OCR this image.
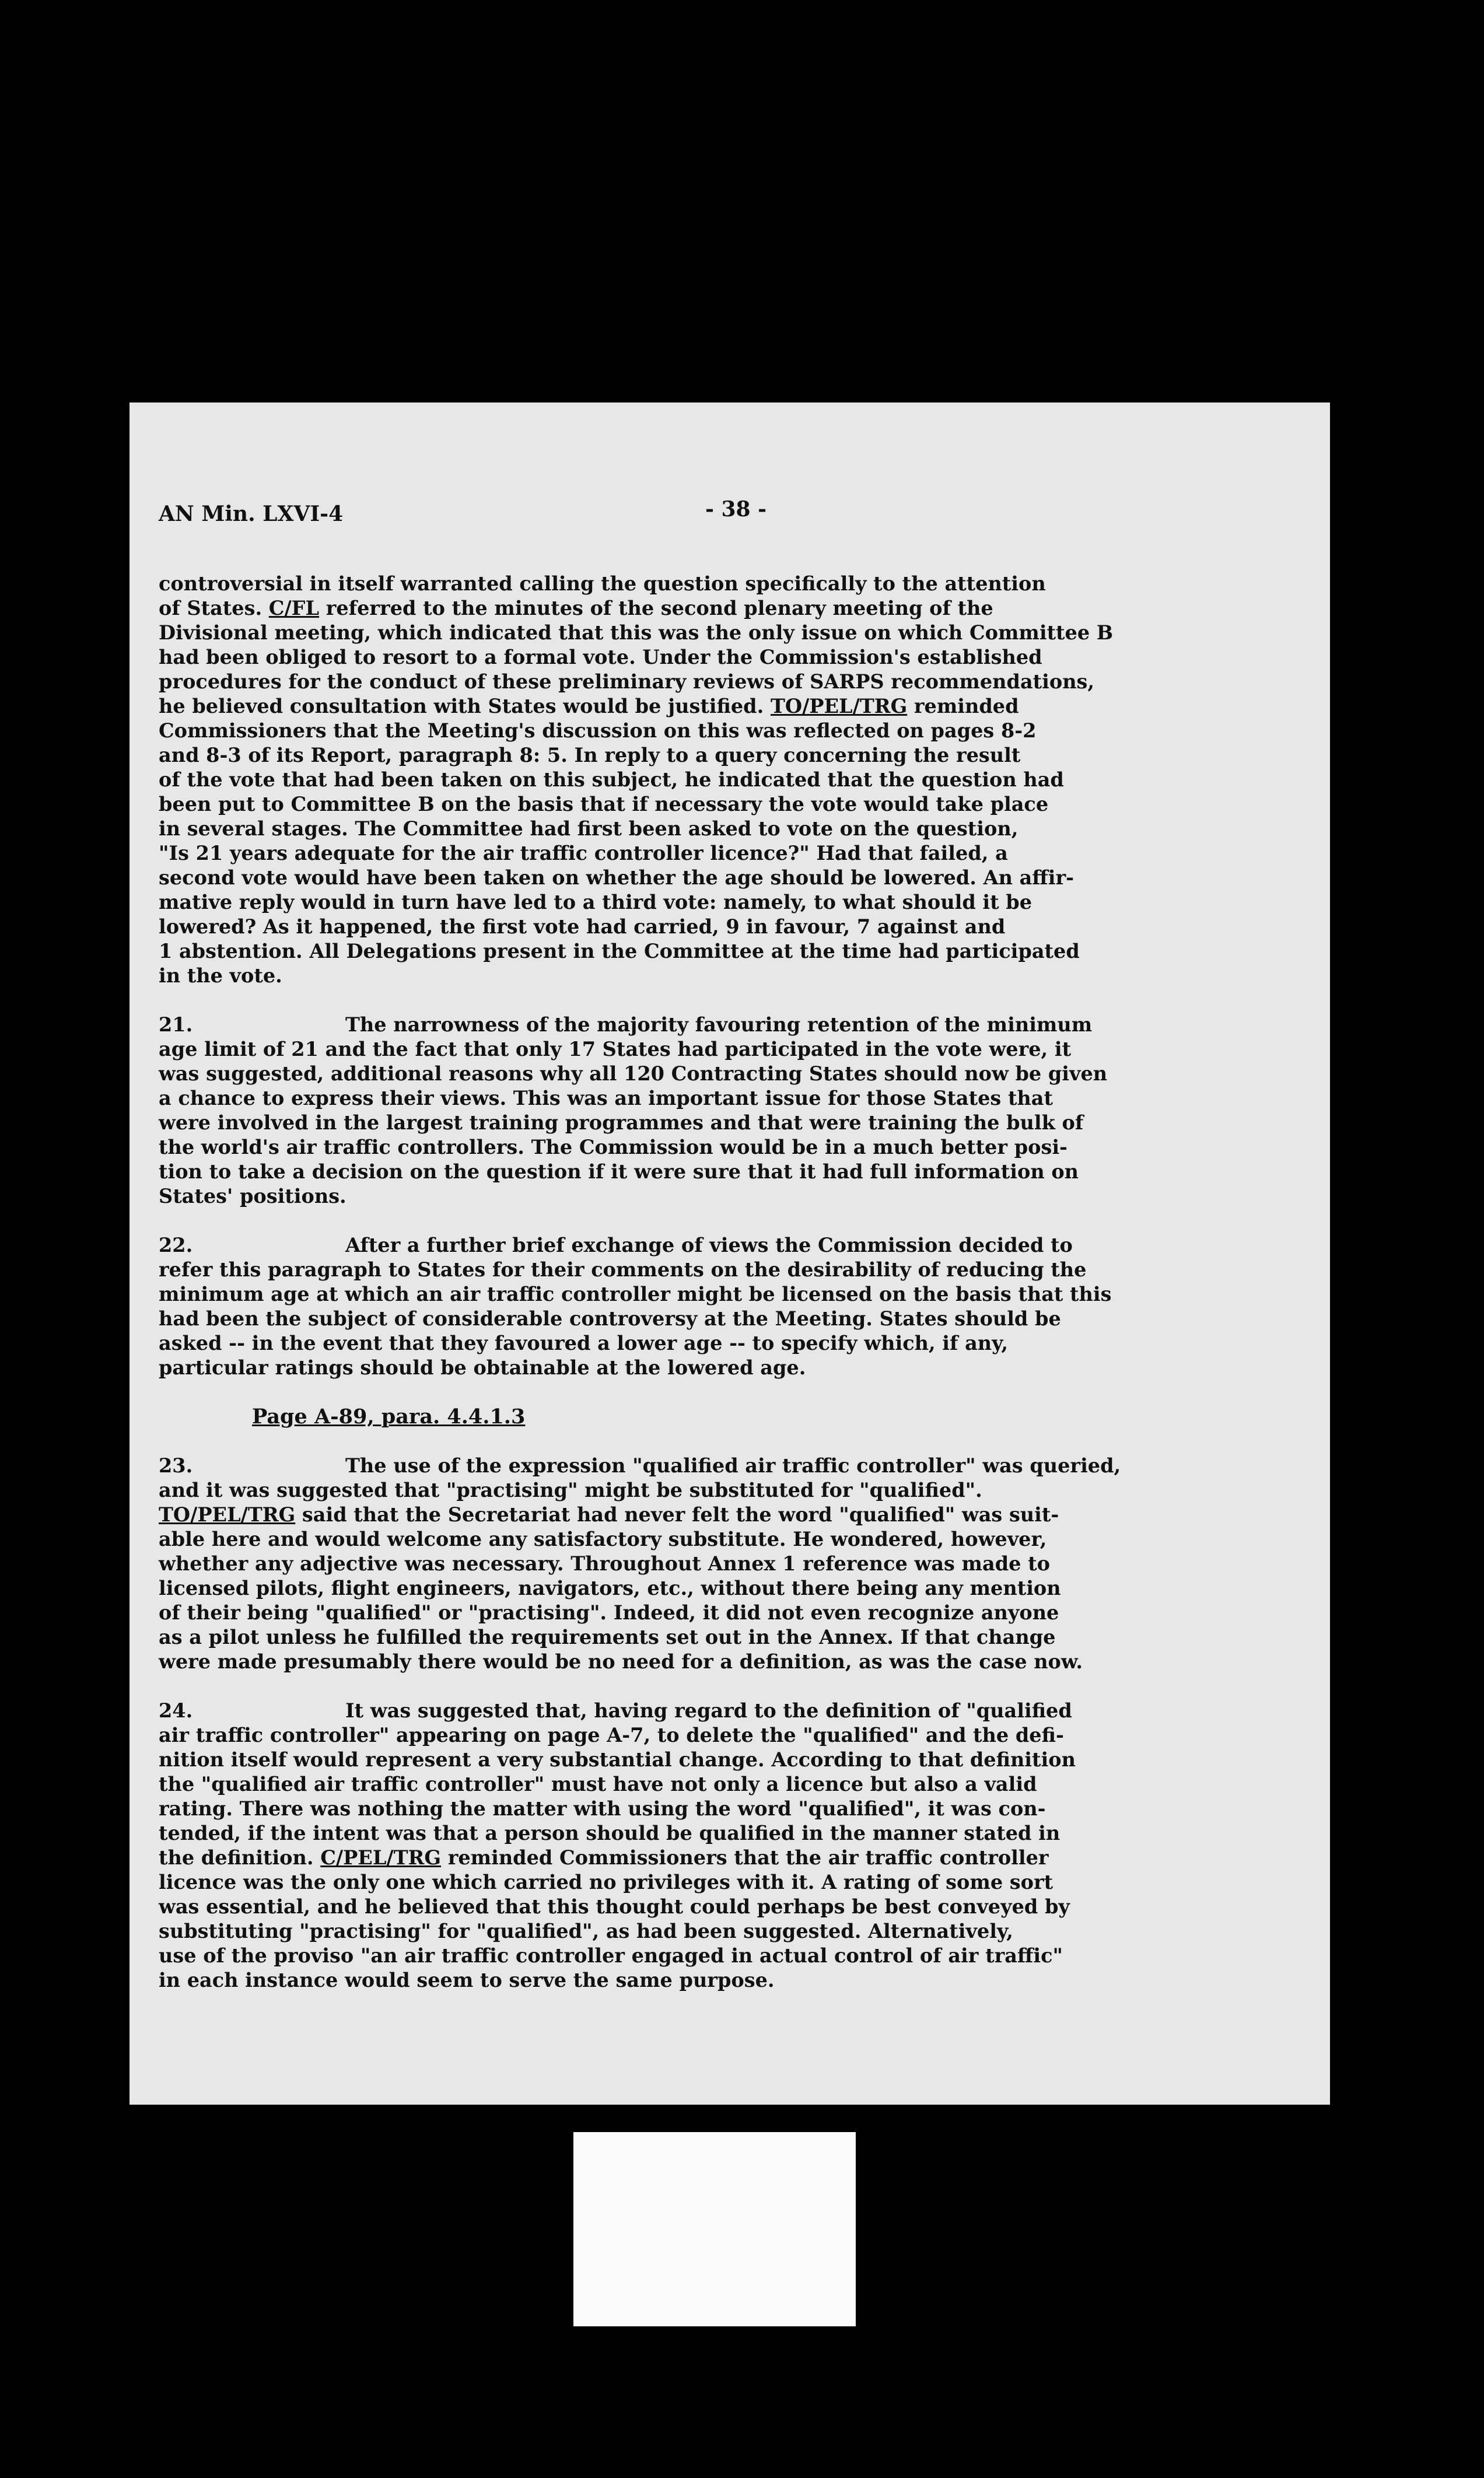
AN Min. LXVI-4	- 38 -
controversial in itself warranted calling the question specifically to the attention
of States. C/FL referred to the minutes of the second plenary meeting of the
Divisional meeting, which indicated that this was the only issue on which Committee B
had been obliged to resort to a formal vote. Under the Commission's established
procedures for the conduct of these preliminary reviews of SARPS recommendations,
he believed consultation with States would be justified. TO/PEL/TRG reminded
Commissioners that the Meeting's discussion on this was reflected on pages 8-2
and 8-3 of its Report, paragraph 8: 5. In reply to a query concerning the result
of the vote that had been taken on this subject, he indicated that the question had
been put to Committee B on the basis that if necessary the vote would take place
in several stages. The Committee had first been asked to vote on the question,
"Is 21 years adequate for the air traffic controller licence?" Had that failed, a
second vote would have been taken on whether the age should be lowered. An affir-
mative reply would in turn have led to a third vote: namely, to what should it be
lowered? As it happened, the first vote had carried, 9 in favour, 7 against and
1 abstention. All Delegations present in the Committee at the time had participated
in the vote.
21.	The narrowness of the majority favouring retention of the minimum
age limit of 21 and the fact that only 17 States had participated in the vote were, it
was suggested, additional reasons why all 120 Contracting States should now be given
a chance to express their views. This was an important issue for those States that
were involved in the largest training programmes and that were training the bulk of
the world's air traffic controllers. The Commission would be in a much better posi-
tion to take a decision on the question if it were sure that it had full information on
States' positions.
22.	After a further brief exchange of views the Commission decided to
refer this paragraph to States for their comments on the desirability of reducing the
minimum age at which an air traffic controller might be licensed on the basis that this
had been the subject of considerable controversy at the Meeting. States should be
asked -- in the event that they favoured a lower age -- to specify which, if any,
particular ratings should be obtainable at the lowered age.
Page A-89, para. 4.4.1.3
23.	The use of the expression "qualified air traffic controller" was queried,
and it was suggested that "practising" might be substituted for "qualified".
TO/PEL/TRG said that the Secretariat had never felt the word "qualified" was suit-
able here and would welcome any satisfactory substitute. He wondered, however,
whether any adjective was necessary. Throughout Annex 1 reference was made to
licensed pilots, flight engineers, navigators, etc., without there being any mention
of their being "qualified" or "practising". Indeed, it did not even recognize anyone
as a pilot unless he fulfilled the requirements set out in the Annex. If that change
were made presumably there would be no need for a definition, as was the case now.
24.	It was suggested that, having regard to the definition of "qualified
air traffic controller" appearing on page A-7, to delete the "qualified" and the defi-
nition itself would represent a very substantial change. According to that definition
the "qualified air traffic controller" must have not only a licence but also a valid
rating. There was nothing the matter with using the word "qualified", it was con-
tended, if the intent was that a person should be qualified in the manner stated in
the definition. C/PEL/TRG reminded Commissioners that the air traffic controller
licence was the only one which carried no privileges with it. A rating of some sort
was essential, and he believed that this thought could perhaps be best conveyed by
substituting "practising" for "qualified", as had been suggested. Alternatively,
use of the proviso "an air traffic controller engaged in actual control of air traffic"
in each instance would seem to serve the same purpose.
